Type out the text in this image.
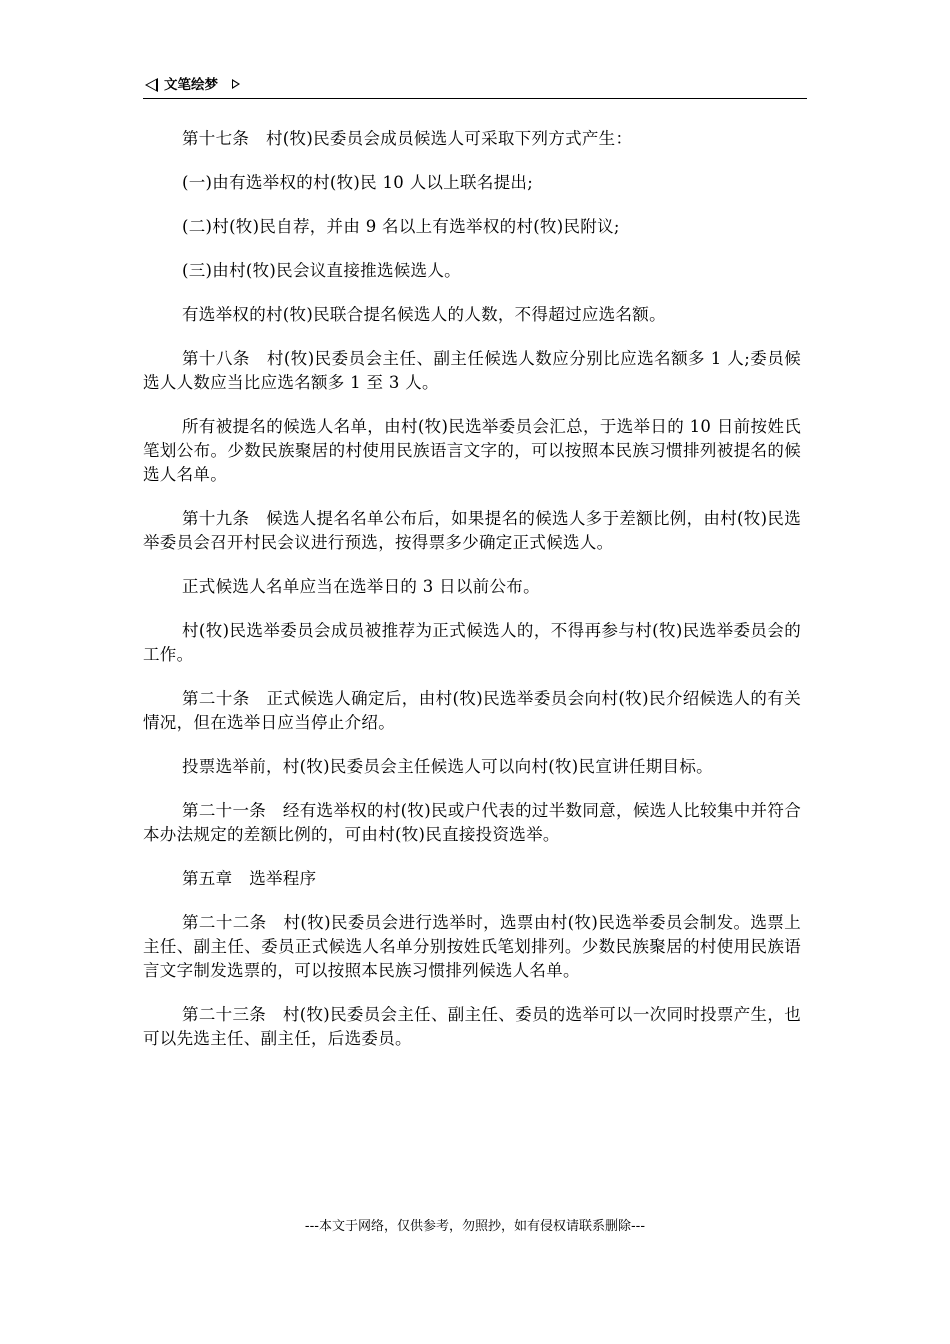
文笔绘梦

第十七条　村(牧)民委员会成员候选人可采取下列方式产生：

(一)由有选举权的村(牧)民 10 人以上联名提出;

(二)村(牧)民自荐，并由 9 名以上有选举权的村(牧)民附议;

(三)由村(牧)民会议直接推选候选人。

有选举权的村(牧)民联合提名候选人的人数，不得超过应选名额。

第十八条　村(牧)民委员会主任、副主任候选人数应分别比应选名额多 1 人;委员候选人人数应当比应选名额多 1 至 3 人。

所有被提名的候选人名单，由村(牧)民选举委员会汇总，于选举日的 10 日前按姓氏笔划公布。少数民族聚居的村使用民族语言文字的，可以按照本民族习惯排列被提名的候选人名单。

第十九条　候选人提名名单公布后，如果提名的候选人多于差额比例，由村(牧)民选举委员会召开村民会议进行预选，按得票多少确定正式候选人。

正式候选人名单应当在选举日的 3 日以前公布。

村(牧)民选举委员会成员被推荐为正式候选人的，不得再参与村(牧)民选举委员会的工作。

第二十条　正式候选人确定后，由村(牧)民选举委员会向村(牧)民介绍候选人的有关情况，但在选举日应当停止介绍。

投票选举前，村(牧)民委员会主任候选人可以向村(牧)民宣讲任期目标。

第二十一条　经有选举权的村(牧)民或户代表的过半数同意，候选人比较集中并符合本办法规定的差额比例的，可由村(牧)民直接投资选举。

第五章　选举程序

第二十二条　村(牧)民委员会进行选举时，选票由村(牧)民选举委员会制发。选票上主任、副主任、委员正式候选人名单分别按姓氏笔划排列。少数民族聚居的村使用民族语言文字制发选票的，可以按照本民族习惯排列候选人名单。

第二十三条　村(牧)民委员会主任、副主任、委员的选举可以一次同时投票产生，也可以先选主任、副主任，后选委员。

---本文于网络，仅供参考，勿照抄，如有侵权请联系删除---
